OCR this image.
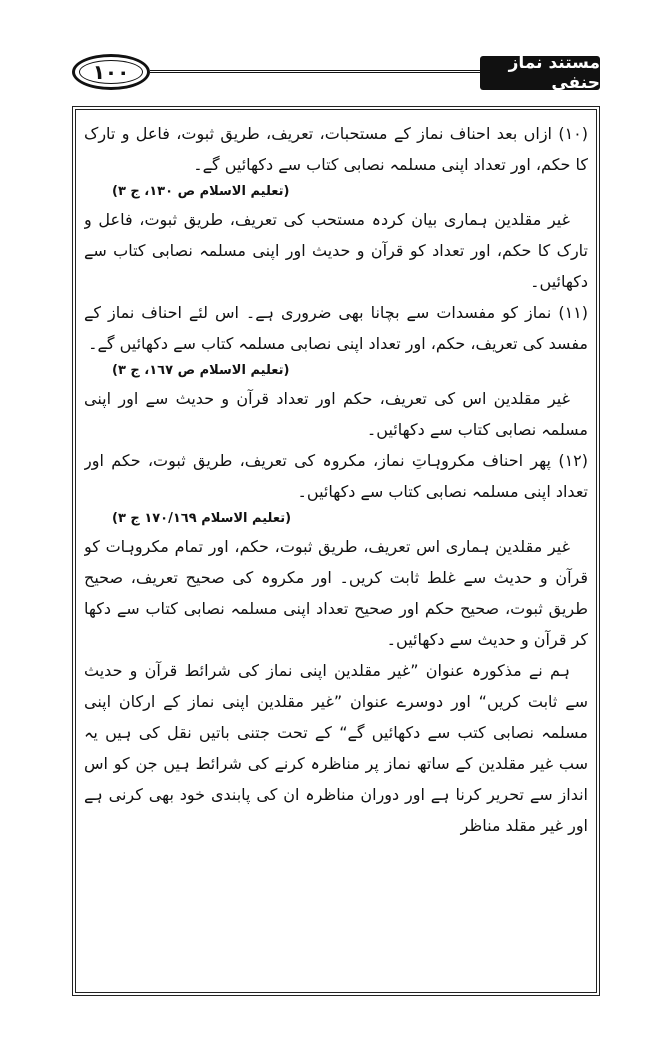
١٠٠	مستند نماز حنفی

(١٠) ازاں بعد احناف نماز کے مستحبات، تعریف، طریق ثبوت، فاعل و تارک کا حکم، اور تعداد اپنی مسلمہ نصابی کتاب سے دکھائیں گے۔

(تعلیم الاسلام ص ١٣٠، ج ٣)

غیر مقلدین ہماری بیان کردہ مستحب کی تعریف، طریق ثبوت، فاعل و تارک کا حکم، اور تعداد کو قرآن و حدیث اور اپنی مسلمہ نصابی کتاب سے دکھائیں۔

(١١) نماز کو مفسدات سے بچانا بھی ضروری ہے۔ اس لئے احناف نماز کے مفسد کی تعریف، حکم، اور تعداد اپنی نصابی مسلمہ کتاب سے دکھائیں گے۔

(تعلیم الاسلام ص ١٦٧، ج ٣)

غیر مقلدین اس کی تعریف، حکم اور تعداد قرآن و حدیث سے اور اپنی مسلمہ نصابی کتاب سے دکھائیں۔

(١٢) پھر احناف مکروہاتِ نماز، مکروہ کی تعریف، طریق ثبوت، حکم اور تعداد اپنی مسلمہ نصابی کتاب سے دکھائیں۔

(تعلیم الاسلام ١٧٠/١٦٩ ج ٣)

غیر مقلدین ہماری اس تعریف، طریق ثبوت، حکم، اور تمام مکروہات کو قرآن و حدیث سے غلط ثابت کریں۔ اور مکروہ کی صحیح تعریف، صحیح طریق ثبوت، صحیح حکم اور صحیح تعداد اپنی مسلمہ نصابی کتاب سے دکھا کر قرآن و حدیث سے دکھائیں۔

ہم نے مذکورہ عنوان ”غیر مقلدین اپنی نماز کی شرائط قرآن و حدیث سے ثابت کریں“ اور دوسرے عنوان ”غیر مقلدین اپنی نماز کے ارکان اپنی مسلمہ نصابی کتب سے دکھائیں گے“ کے تحت جتنی باتیں نقل کی ہیں یہ سب غیر مقلدین کے ساتھ نماز پر مناظرہ کرنے کی شرائط ہیں جن کو اس انداز سے تحریر کرنا ہے اور دوران مناظرہ ان کی پابندی خود بھی کرنی ہے اور غیر مقلد مناظر
